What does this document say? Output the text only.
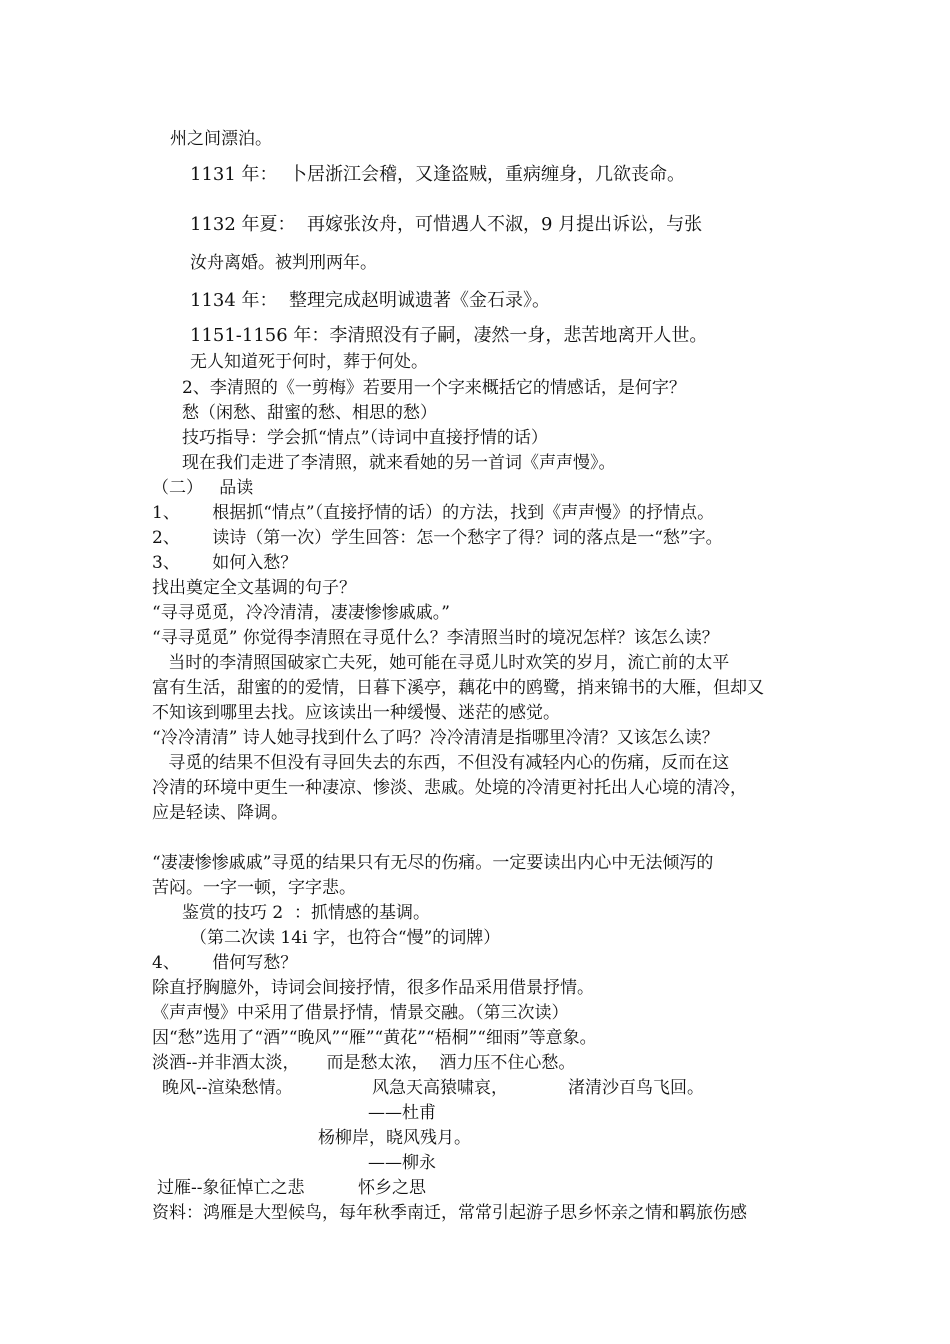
州之间漂泊。
1131 年：  卜居浙江会稽，又逢盗贼，重病缠身，几欲丧命。
1132 年夏：  再嫁张汝舟，可惜遇人不淑，9 月提出诉讼，与张
汝舟离婚。被判刑两年。
1134 年：  整理完成赵明诚遗著《金石录》。
1151-1156 年：李清照没有子嗣，凄然一身，悲苦地离开人世。
无人知道死于何时，葬于何处。
2、李清照的《一剪梅》若要用一个字来概括它的情感话，是何字？
愁（闲愁、甜蜜的愁、相思的愁）
技巧指导：学会抓“情点”（诗词中直接抒情的话）
现在我们走进了李清照，就来看她的另一首词《声声慢》。
（二）   品读
1、      根据抓“情点”（直接抒情的话）的方法，找到《声声慢》的抒情点。
2、      读诗（第一次）学生回答：怎一个愁字了得？词的落点是一“愁”字。
3、      如何入愁？
找出奠定全文基调的句子？
“寻寻觅觅，冷冷清清，凄凄惨惨戚戚。”
“寻寻觅觅” 你觉得李清照在寻觅什么？李清照当时的境况怎样？该怎么读？
当时的李清照国破家亡夫死，她可能在寻觅儿时欢笑的岁月，流亡前的太平
富有生活，甜蜜的的爱情，日暮下溪亭，藕花中的鸥鹭，捎来锦书的大雁，但却又
不知该到哪里去找。应该读出一种缓慢、迷茫的感觉。
“冷冷清清” 诗人她寻找到什么了吗？冷冷清清是指哪里冷清？又该怎么读？
寻觅的结果不但没有寻回失去的东西，不但没有减轻内心的伤痛，反而在这
冷清的环境中更生一种凄凉、惨淡、悲戚。处境的冷清更衬托出人心境的清冷，
应是轻读、降调。
“凄凄惨惨戚戚”寻觅的结果只有无尽的伤痛。一定要读出内心中无法倾泻的
苦闷。一字一顿，字字悲。
鉴赏的技巧 2  ：抓情感的基调。
（第二次读 14i 字，也符合“慢”的词牌）
4、      借何写愁？
除直抒胸臆外，诗词会间接抒情，很多作品采用借景抒情。
《声声慢》中采用了借景抒情，情景交融。（第三次读）
因“愁”选用了“酒”“晚风”“雁”“黄花”“梧桐”“细雨”等意象。
淡酒--并非酒太淡，     而是愁太浓，  酒力压不住心愁。
晚风--渲染愁情。	风急天高猿啸哀，	渚清沙百鸟飞回。
——杜甫
杨柳岸，晓风残月。
——柳永
过雁--象征悼亡之悲	怀乡之思
资料：鸿雁是大型候鸟，每年秋季南迁，常常引起游子思乡怀亲之情和羁旅伤感
